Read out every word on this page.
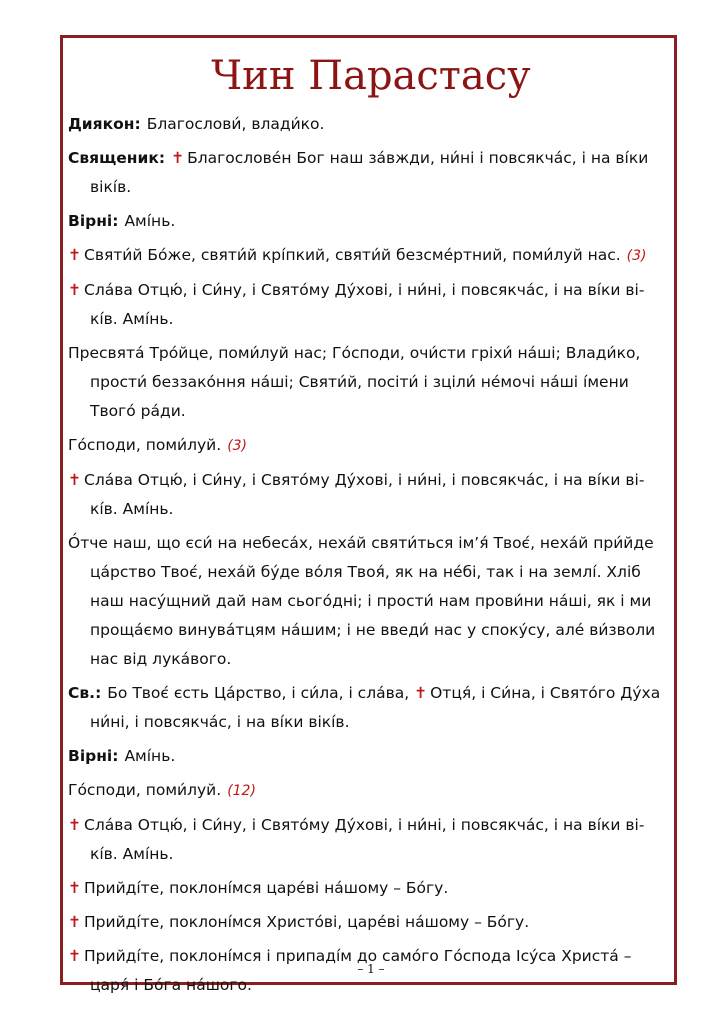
Чин Парастасу

Диякон: Благослови́, влади́ко.

Священик: ✝ Благослове́н Бог наш за́вжди, ни́ні і повсякча́с, і на ві́ки вікі́в.

Вірні: Амі́нь.

✝ Святи́й Бо́же, святи́й крі́пкий, святи́й безсме́ртний, поми́луй нас. (3)

✝ Сла́ва Отцю́, і Си́ну, і Свято́му Ду́хові, і ни́ні, і повсякча́с, і на ві́ки ві-кі́в. Амі́нь.

Пресвята́ Тро́йце, поми́луй нас; Го́споди, очи́сти гріхи́ на́ші; Влади́ко, прости́ беззако́ння на́ші; Святи́й, посіти́ і зціли́ не́мочі на́ші і́мени Твого́ ра́ди.

Го́споди, поми́луй. (3)

✝ Сла́ва Отцю́, і Си́ну, і Свято́му Ду́хові, і ни́ні, і повсякча́с, і на ві́ки ві-кі́в. Амі́нь.

О́тче наш, що єси́ на небеса́х, неха́й святи́ться ім’я́ Твоє́, неха́й при́йде ца́рство Твоє́, неха́й бу́де во́ля Твоя́, як на не́бі, так і на землі́. Хліб наш насу́щний дай нам сього́дні; і прости́ нам прови́ни на́ші, як і ми проща́ємо винува́тцям на́шим; і не введи́ нас у споку́су, але́ ви́зволи нас від лука́вого.

Св.: Бо Твоє́ єсть Ца́рство, і си́ла, і сла́ва, ✝ Отця́, і Си́на, і Свято́го Ду́ха ни́ні, і повсякча́с, і на ві́ки вікі́в.

Вірні: Амі́нь.

Го́споди, поми́луй. (12)

✝ Сла́ва Отцю́, і Си́ну, і Свято́му Ду́хові, і ни́ні, і повсякча́с, і на ві́ки ві-кі́в. Амі́нь.

✝ Прийді́те, поклоні́мся царе́ві на́шому – Бо́гу.

✝ Прийді́те, поклоні́мся Христо́ві, царе́ві на́шому – Бо́гу.

✝ Прийді́те, поклоні́мся і припаді́м до само́го Го́спода Ісу́са Христа́ – царя́ і Бо́га на́шого.

– 1 –
